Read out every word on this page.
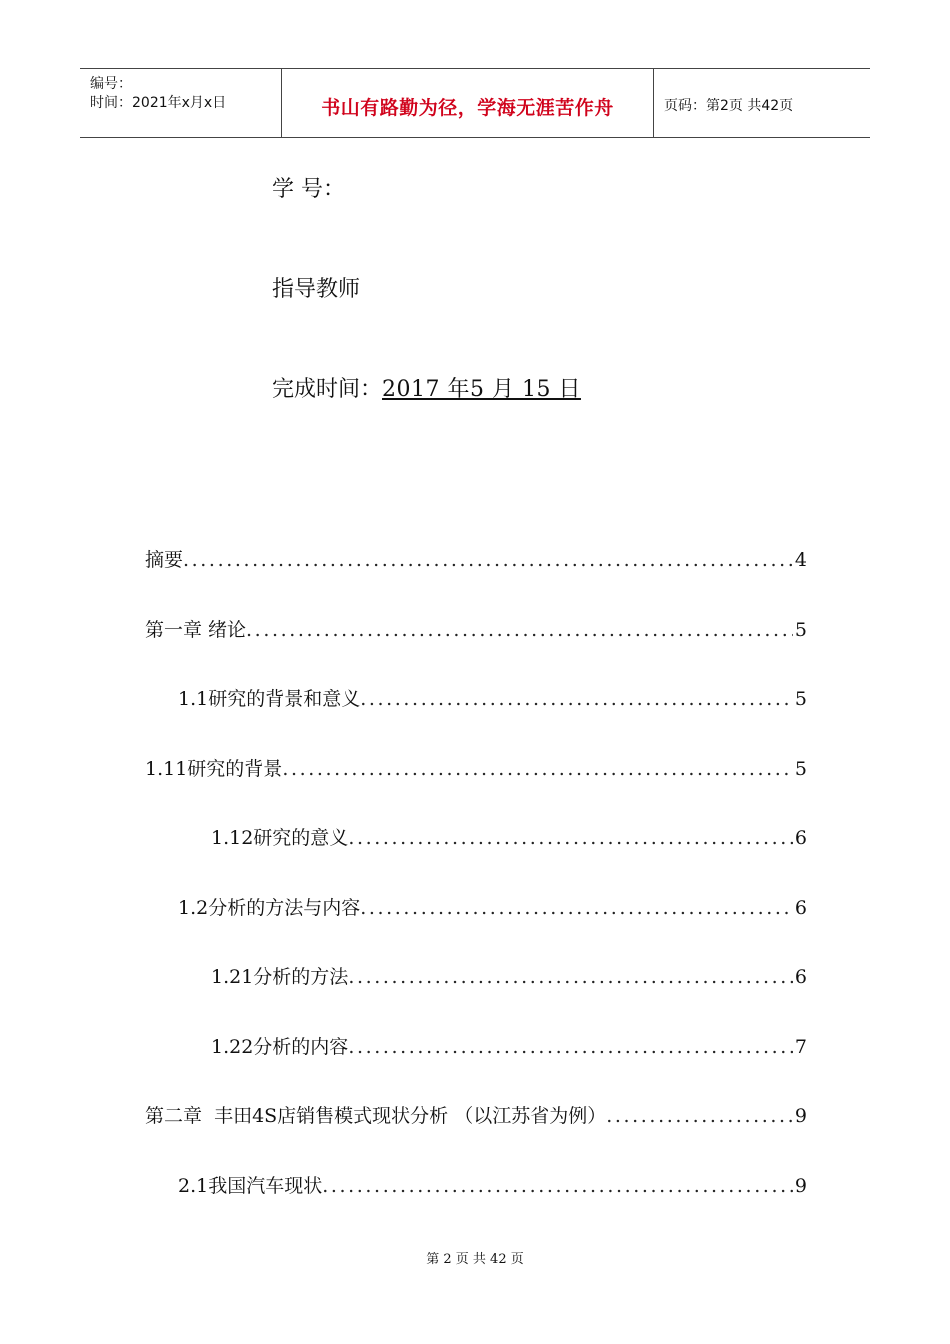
编号：
时间：2021年x月x日	书山有路勤为径，学海无涯苦作舟	页码：第2页 共42页
学 号：
指导教师
完成时间：2017 年5 月 15 日
摘要 .....	4
第一章 绪论 .....	5
1.1研究的背景和意义 .....	5
1.11研究的背景 .....	5
1.12研究的意义 .....	6
1.2分析的方法与内容 .....	6
1.21分析的方法 .....	6
1.22分析的内容 .....	7
第二章  丰田4S店销售模式现状分析 （以江苏省为例） .....	9
2.1我国汽车现状 .....	9
第 2 页 共 42 页
